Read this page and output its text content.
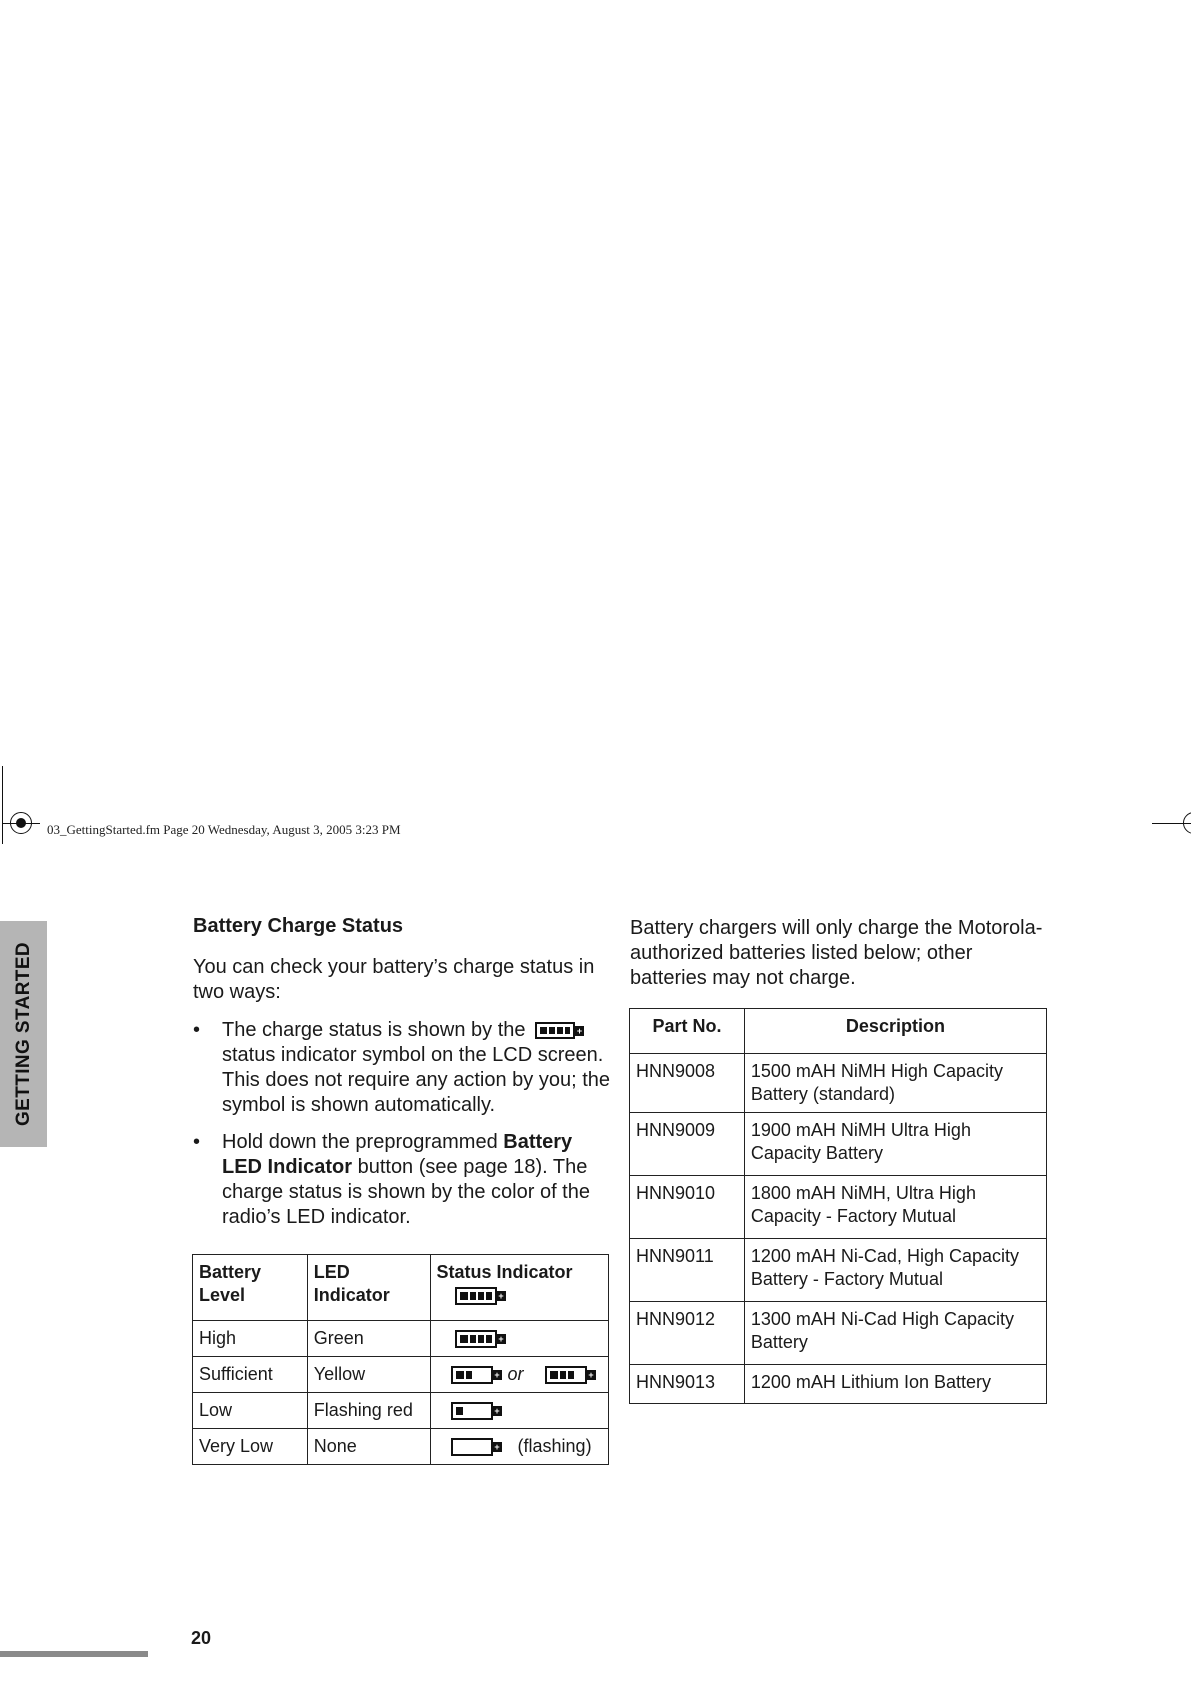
03_GettingStarted.fm Page 20 Wednesday, August 3, 2005 3:23 PM
GETTING STARTED
Battery Charge Status
You can check your battery’s charge status in two ways:
• The charge status is shown by the	+
status indicator symbol on the LCD screen. This does not require any action by you; the symbol is shown automatically.
• Hold down the preprogrammed Battery LED Indicator button (see page 18). The charge status is shown by the color of the radio’s LED indicator.
Battery Level	LED Indicator	Status Indicator
+

High	Green	+

Sufficient	Yellow	+ or +

Low	Flashing red	+

Very Low	None	+ (flashing)
Battery chargers will only charge the Motorola-authorized batteries listed below; other batteries may not charge.
Part No.	Description
HNN9008	1500 mAH NiMH High Capacity Battery (standard)
HNN9009	1900 mAH NiMH Ultra High Capacity Battery
HNN9010	1800 mAH NiMH, Ultra High Capacity - Factory Mutual
HNN9011	1200 mAH Ni-Cad, High Capacity Battery - Factory Mutual
HNN9012	1300 mAH Ni-Cad High Capacity Battery
HNN9013	1200 mAH Lithium Ion Battery
20
